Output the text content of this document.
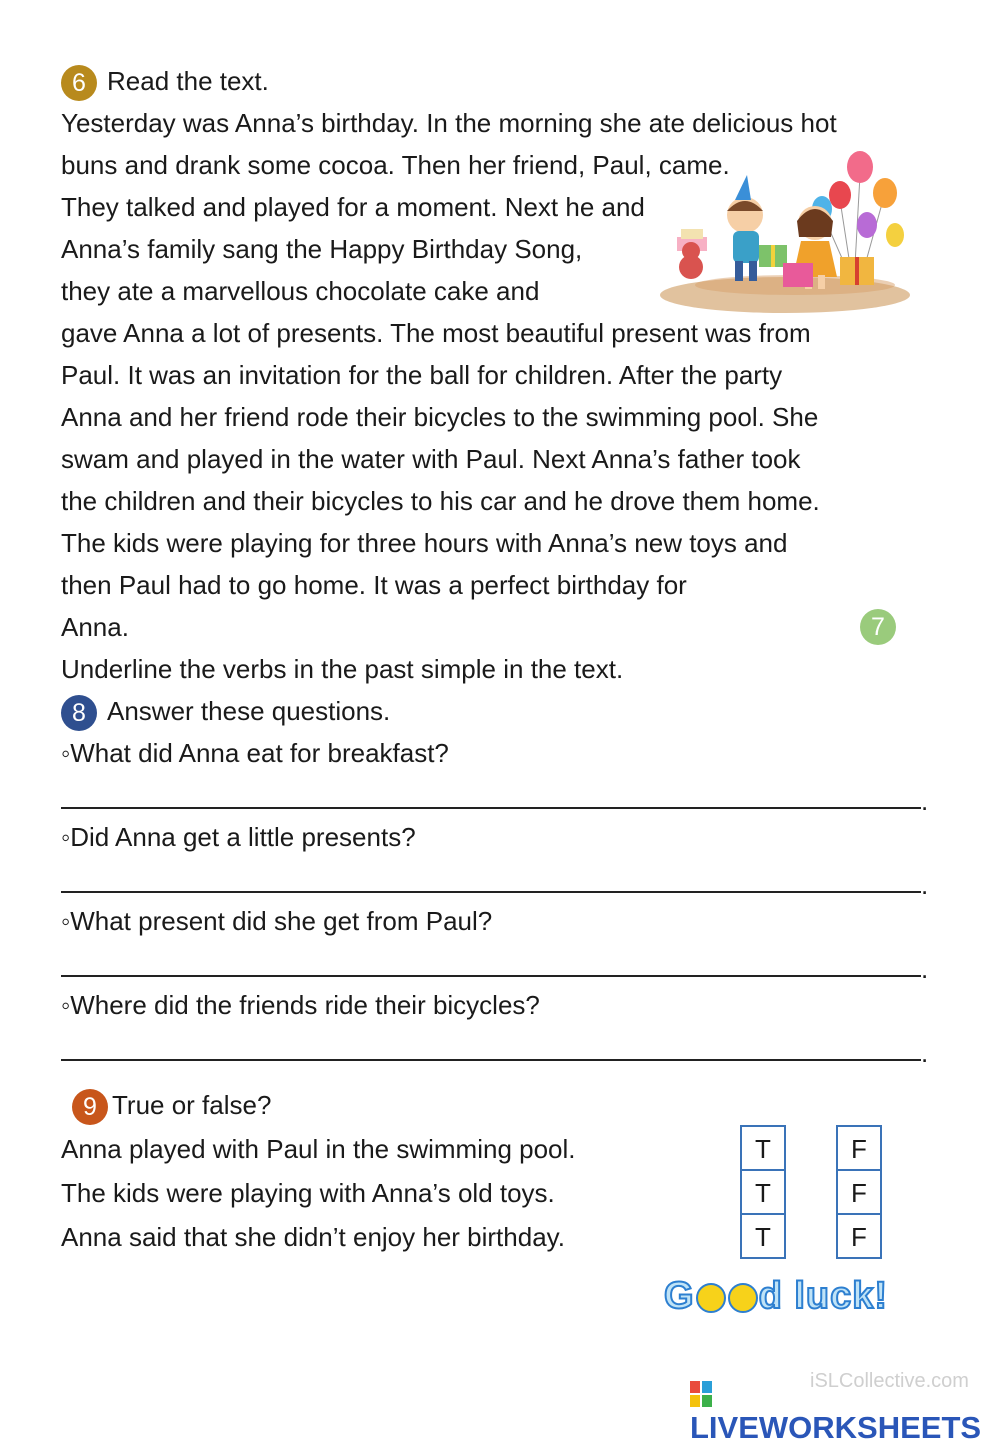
6 Read the text.
Yesterday was Anna’s birthday. In the morning she ate delicious hot
buns and drank some cocoa. Then her friend, Paul, came.
They talked and played for a moment. Next he and
Anna’s family sang the Happy Birthday Song,
they ate a marvellous chocolate cake and
gave Anna a lot of presents. The most beautiful present was from
Paul. It was an invitation for the ball for children. After the party
Anna and her friend rode their bicycles to the swimming pool. She
swam and played in the water with Paul. Next Anna’s father took
the children and their bicycles to his car and he drove them home.
The kids were playing for three hours with Anna’s new toys and
then Paul had to go home. It was a perfect birthday for
Anna.	7
Underline the verbs in the past simple in the text.
8 Answer these questions.
◦What did Anna eat for breakfast?
.
◦Did Anna get a little presents?
.
◦What present did she get from Paul?
.
◦Where did the friends ride their bicycles?
.
9 True or false?
Anna played with Paul in the swimming pool.
The kids were playing with Anna’s old toys.
Anna said that she didn’t enjoy her birthday.
T
T
T
F
F
F
G d luck!
iSLCollective.com
LIVEWORKSHEETS
